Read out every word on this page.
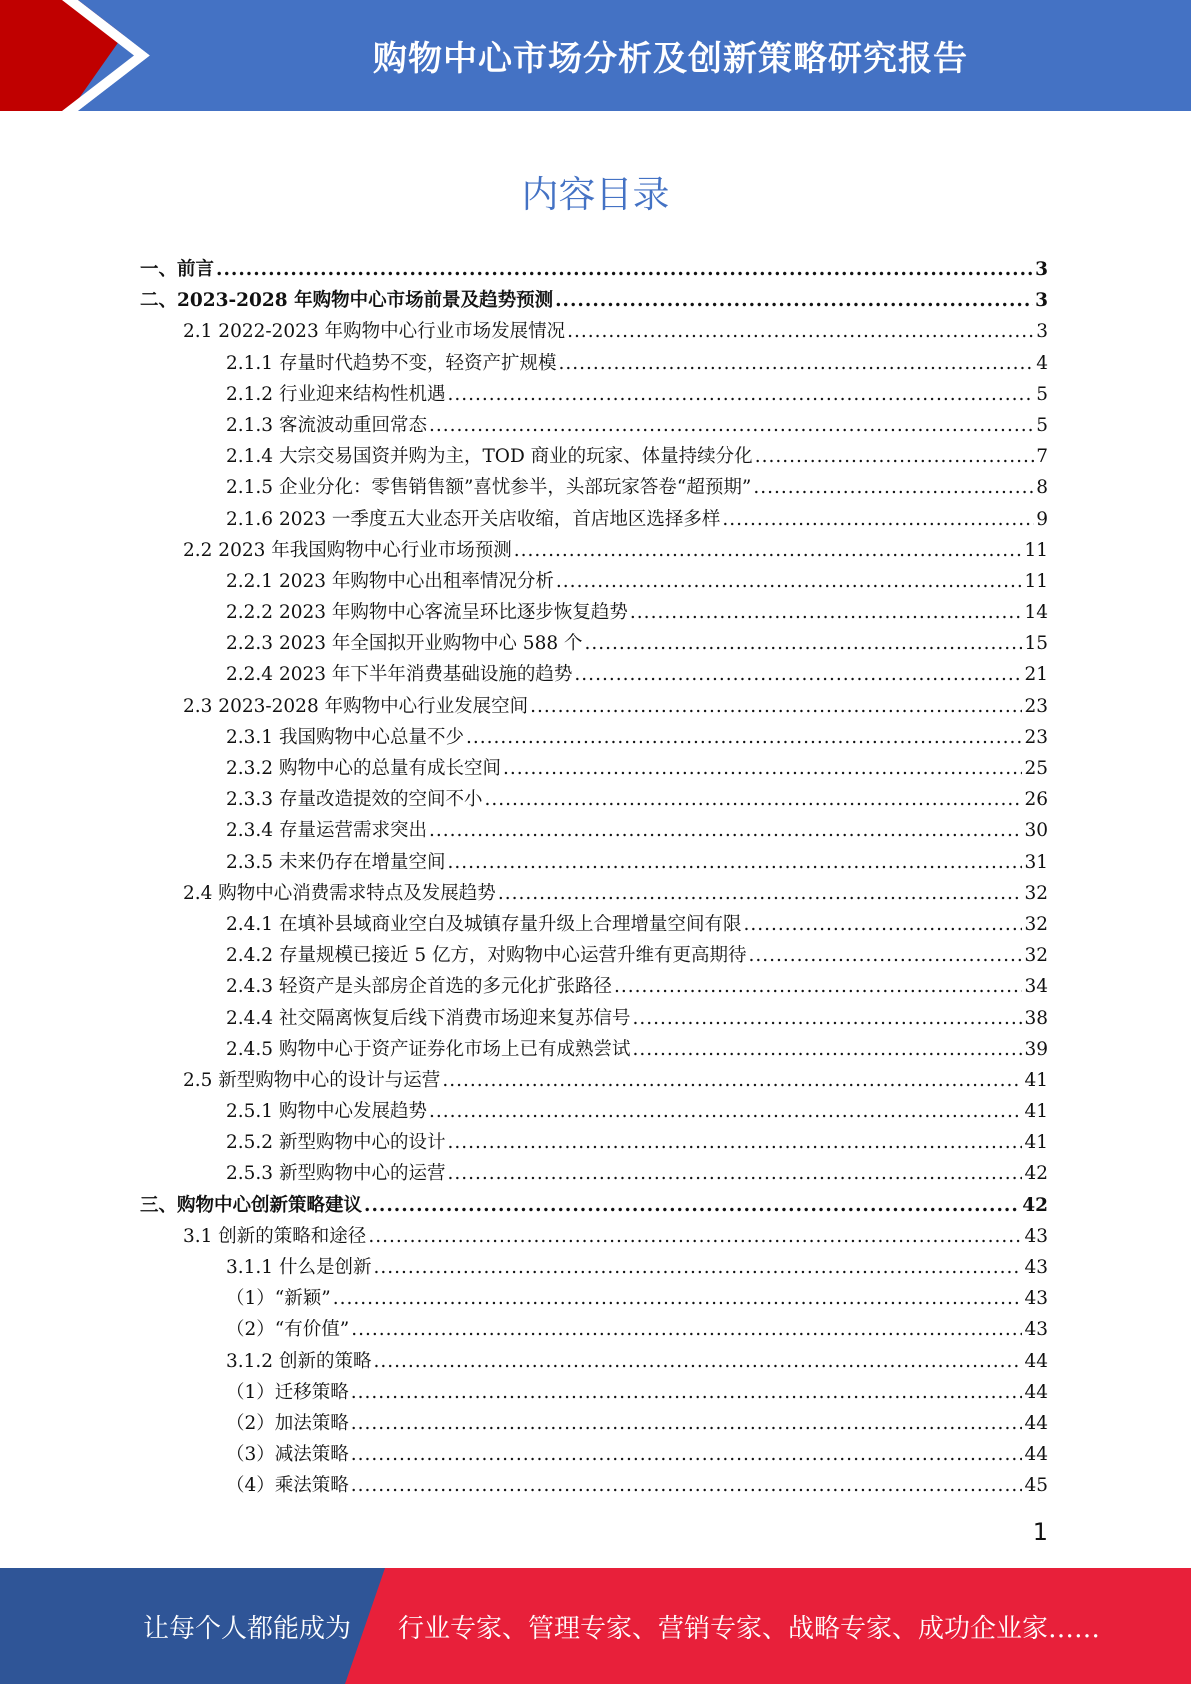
购物中心市场分析及创新策略研究报告
内容目录
一、前言 .....	3
二、2023-2028 年购物中心市场前景及趋势预测 .....	3
2.1 2022-2023 年购物中心行业市场发展情况 .....	3
2.1.1 存量时代趋势不变，轻资产扩规模 .....	4
2.1.2 行业迎来结构性机遇 .....	5
2.1.3 客流波动重回常态 .....	5
2.1.4 大宗交易国资并购为主，TOD 商业的玩家、体量持续分化 .....	7
2.1.5 企业分化：零售销售额”喜忧参半，头部玩家答卷“超预期” .....	8
2.1.6 2023 一季度五大业态开关店收缩，首店地区选择多样 .....	9
2.2 2023 年我国购物中心行业市场预测 .....	11
2.2.1 2023 年购物中心出租率情况分析 .....	11
2.2.2 2023 年购物中心客流呈环比逐步恢复趋势 .....	14
2.2.3 2023 年全国拟开业购物中心 588 个 .....	15
2.2.4 2023 年下半年消费基础设施的趋势 .....	21
2.3 2023-2028 年购物中心行业发展空间 .....	23
2.3.1 我国购物中心总量不少 .....	23
2.3.2 购物中心的总量有成长空间 .....	25
2.3.3 存量改造提效的空间不小 .....	26
2.3.4 存量运营需求突出 .....	30
2.3.5 未来仍存在增量空间 .....	31
2.4 购物中心消费需求特点及发展趋势 .....	32
2.4.1 在填补县域商业空白及城镇存量升级上合理增量空间有限 .....	32
2.4.2 存量规模已接近 5 亿方，对购物中心运营升维有更高期待 .....	32
2.4.3 轻资产是头部房企首选的多元化扩张路径 .....	34
2.4.4 社交隔离恢复后线下消费市场迎来复苏信号 .....	38
2.4.5 购物中心于资产证券化市场上已有成熟尝试 .....	39
2.5 新型购物中心的设计与运营 .....	41
2.5.1 购物中心发展趋势 .....	41
2.5.2 新型购物中心的设计 .....	41
2.5.3 新型购物中心的运营 .....	42
三、购物中心创新策略建议 .....	42
3.1 创新的策略和途径 .....	43
3.1.1 什么是创新 .....	43
（1）“新颖” .....	43
（2）“有价值” .....	43
3.1.2 创新的策略 .....	44
（1）迁移策略 .....	44
（2）加法策略 .....	44
（3）减法策略 .....	44
（4）乘法策略 .....	45
1
让每个人都能成为 行业专家、管理专家、营销专家、战略专家、成功企业家……
